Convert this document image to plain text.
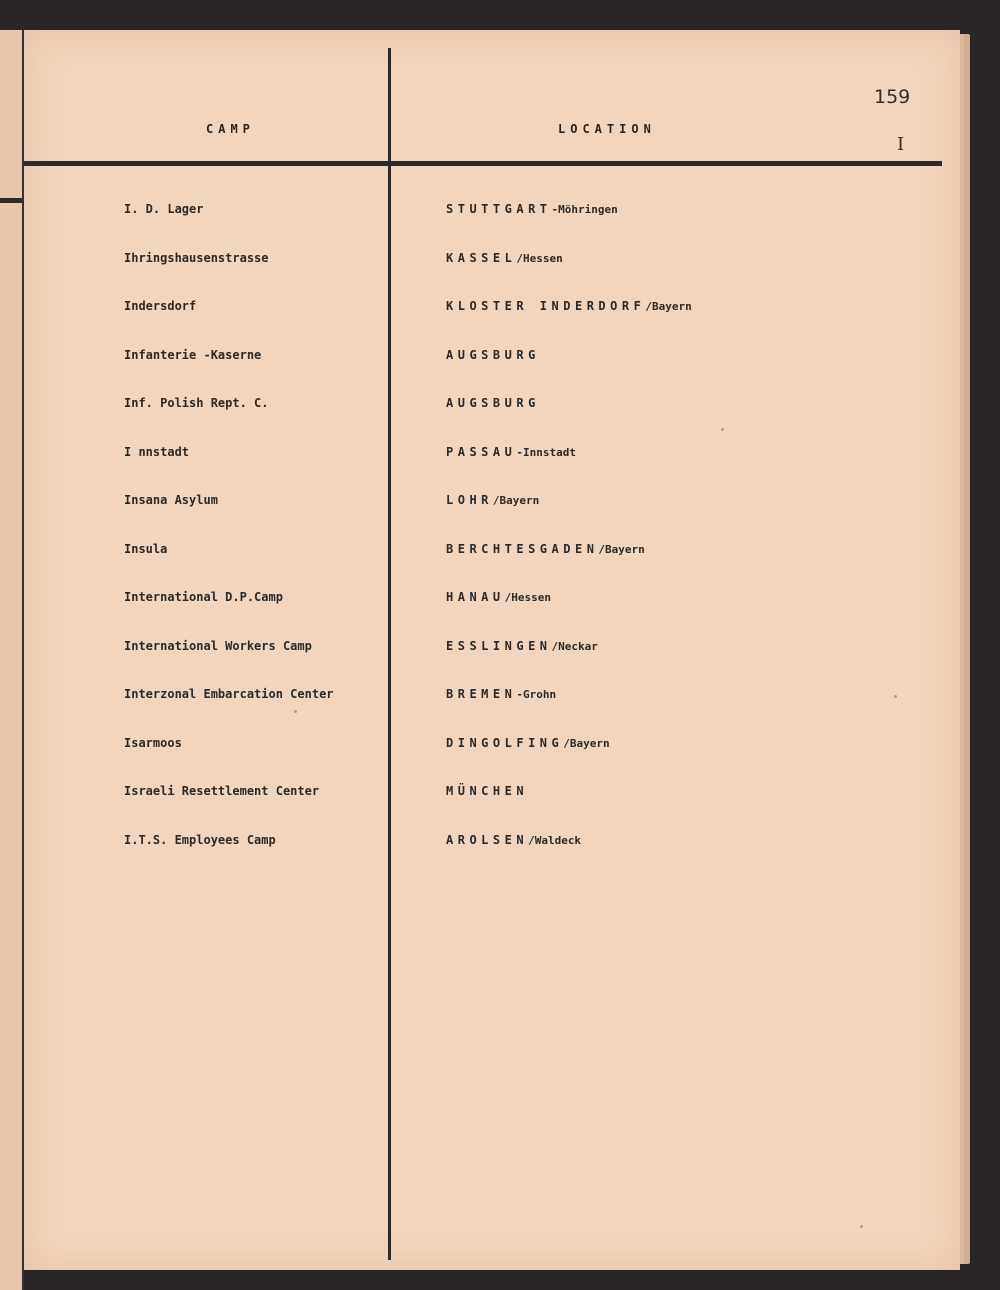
CAMP	LOCATION
159
I
I. D. Lager	STUTTGART-Möhringen
Ihringshausenstrasse	KASSEL/Hessen
Indersdorf	KLOSTER INDERDORF/Bayern
Infanterie -Kaserne	AUGSBURG
Inf. Polish Rept. C.	AUGSBURG
I nnstadt	PASSAU-Innstadt
Insana Asylum	LOHR/Bayern
Insula	BERCHTESGADEN/Bayern
International D.P.Camp	HANAU/Hessen
International Workers Camp	ESSLINGEN/Neckar
Interzonal Embarcation Center	BREMEN-Grohn
Isarmoos	DINGOLFING/Bayern
Israeli Resettlement Center	MÜNCHEN
I.T.S. Employees Camp	AROLSEN/Waldeck
